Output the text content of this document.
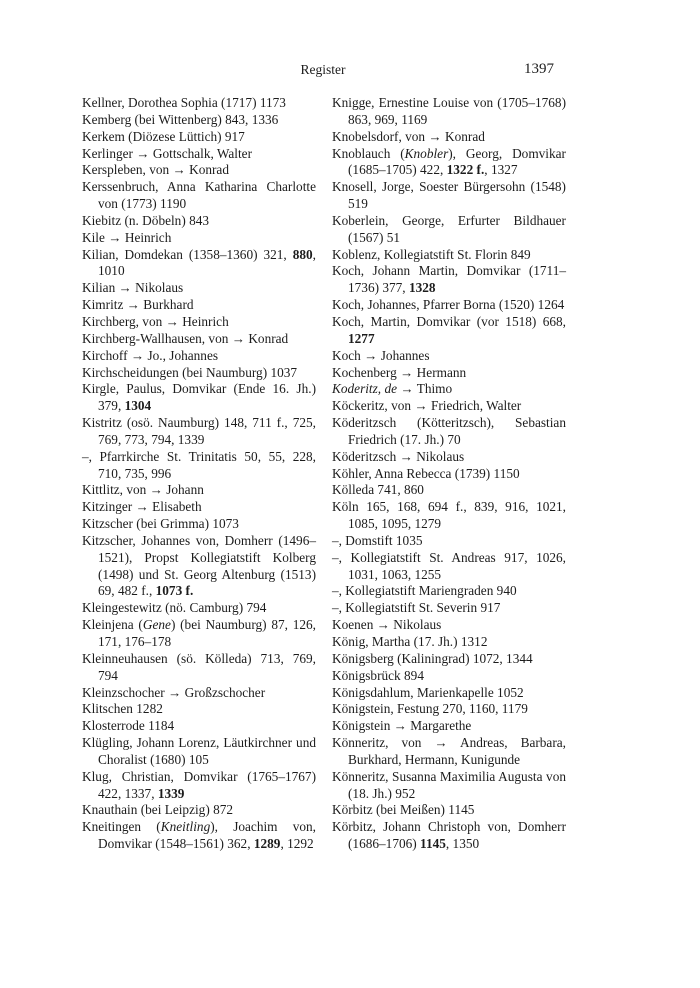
Register	1397
Kellner, Dorothea Sophia (1717) 1173
Kemberg (bei Wittenberg) 843, 1336
Kerkem (Diözese Lüttich) 917
Kerlinger → Gottschalk, Walter
Kerspleben, von → Konrad
Kerssenbruch, Anna Katharina Charlotte von (1773) 1190
Kiebitz (n. Döbeln) 843
Kile → Heinrich
Kilian, Domdekan (1358–1360) 321, 880, 1010
Kilian → Nikolaus
Kimritz → Burkhard
Kirchberg, von → Heinrich
Kirchberg-Wallhausen, von → Konrad
Kirchoff → Jo., Johannes
Kirchscheidungen (bei Naumburg) 1037
Kirgle, Paulus, Domvikar (Ende 16. Jh.) 379, 1304
Kistritz (osö. Naumburg) 148, 711 f., 725, 769, 773, 794, 1339
–, Pfarrkirche St. Trinitatis 50, 55, 228, 710, 735, 996
Kittlitz, von → Johann
Kitzinger → Elisabeth
Kitzscher (bei Grimma) 1073
Kitzscher, Johannes von, Domherr (1496–1521), Propst Kollegiatstift Kolberg (1498) und St. Georg Altenburg (1513) 69, 482 f., 1073 f.
Kleingestewitz (nö. Camburg) 794
Kleinjena (Gene) (bei Naumburg) 87, 126, 171, 176–178
Kleinneuhausen (sö. Kölleda) 713, 769, 794
Kleinzschocher → Großzschocher
Klitschen 1282
Klosterrode 1184
Klügling, Johann Lorenz, Läutkirchner und Choralist (1680) 105
Klug, Christian, Domvikar (1765–1767) 422, 1337, 1339
Knauthain (bei Leipzig) 872
Kneitingen (Kneitling), Joachim von, Domvikar (1548–1561) 362, 1289, 1292
Knigge, Ernestine Louise von (1705–1768) 863, 969, 1169
Knobelsdorf, von → Konrad
Knoblauch (Knobler), Georg, Domvikar (1685–1705) 422, 1322 f., 1327
Knosell, Jorge, Soester Bürgersohn (1548) 519
Koberlein, George, Erfurter Bildhauer (1567) 51
Koblenz, Kollegiatstift St. Florin 849
Koch, Johann Martin, Domvikar (1711–1736) 377, 1328
Koch, Johannes, Pfarrer Borna (1520) 1264
Koch, Martin, Domvikar (vor 1518) 668, 1277
Koch → Johannes
Kochenberg → Hermann
Koderitz, de → Thimo
Köckeritz, von → Friedrich, Walter
Köderitzsch (Kötteritzsch), Sebastian Friedrich (17. Jh.) 70
Köderitzsch → Nikolaus
Köhler, Anna Rebecca (1739) 1150
Kölleda 741, 860
Köln 165, 168, 694 f., 839, 916, 1021, 1085, 1095, 1279
–, Domstift 1035
–, Kollegiatstift St. Andreas 917, 1026, 1031, 1063, 1255
–, Kollegiatstift Mariengraden 940
–, Kollegiatstift St. Severin 917
Koenen → Nikolaus
König, Martha (17. Jh.) 1312
Königsberg (Kaliningrad) 1072, 1344
Königsbrück 894
Königsdahlum, Marienkapelle 1052
Königstein, Festung 270, 1160, 1179
Königstein → Margarethe
Könneritz, von → Andreas, Barbara, Burkhard, Hermann, Kunigunde
Könneritz, Susanna Maximilia Augusta von (18. Jh.) 952
Körbitz (bei Meißen) 1145
Körbitz, Johann Christoph von, Domherr (1686–1706) 1145, 1350
